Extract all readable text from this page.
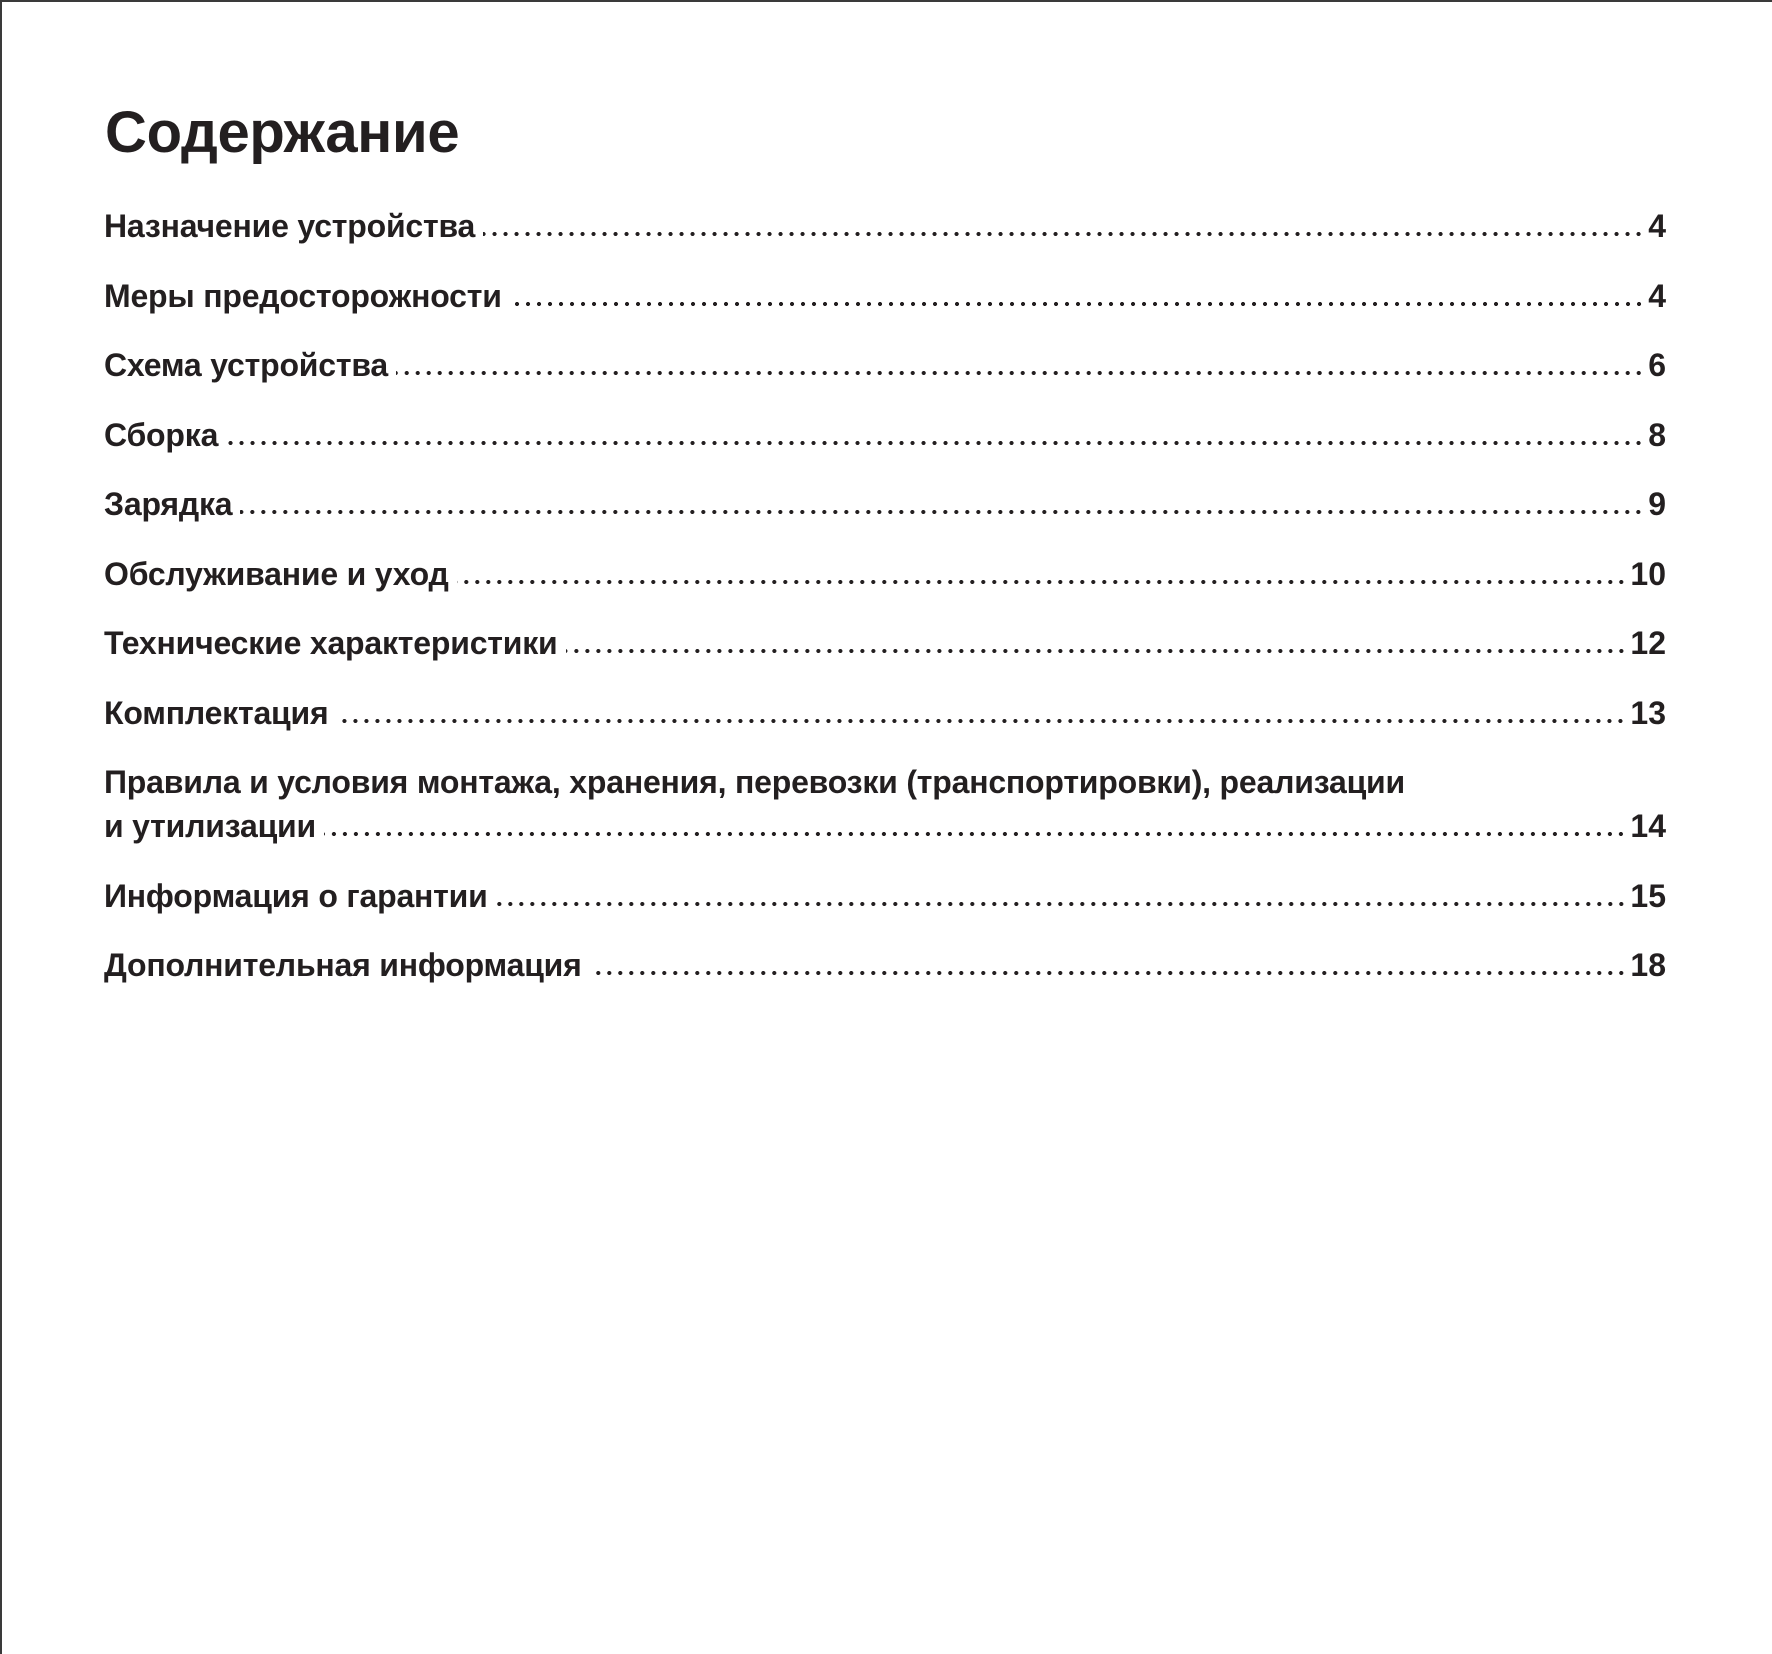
Содержание
Назначение устройства	4
Меры предосторожности	4
Схема устройства	6
Сборка	8
Зарядка	9
Обслуживание и уход	10
Технические характеристики	12
Комплектация	13
Правила и условия монтажа, хранения, перевозки (транспортировки), реализации
и утилизации	14
Информация о гарантии	15
Дополнительная информация	18
